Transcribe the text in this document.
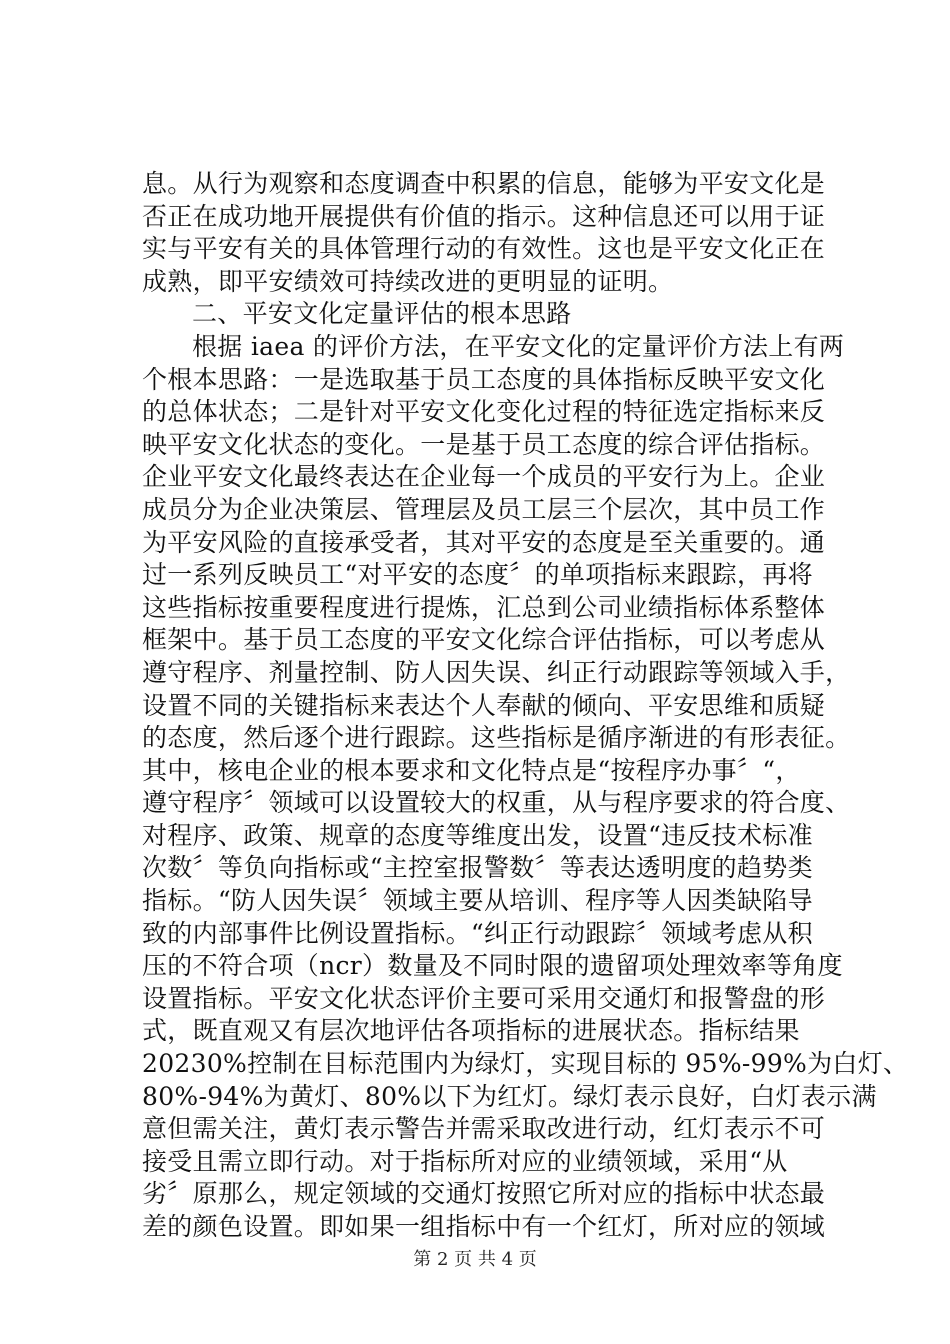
息。从行为观察和态度调查中积累的信息，能够为平安文化是
否正在成功地开展提供有价值的指示。这种信息还可以用于证
实与平安有关的具体管理行动的有效性。这也是平安文化正在
成熟，即平安绩效可持续改进的更明显的证明。
二、平安文化定量评估的根本思路
根据 iaea 的评价方法，在平安文化的定量评价方法上有两
个根本思路：一是选取基于员工态度的具体指标反映平安文化
的总体状态；二是针对平安文化变化过程的特征选定指标来反
映平安文化状态的变化。一是基于员工态度的综合评估指标。
企业平安文化最终表达在企业每一个成员的平安行为上。企业
成员分为企业决策层、管理层及员工层三个层次，其中员工作
为平安风险的直接承受者，其对平安的态度是至关重要的。通
过一系列反映员工“对平安的态度〞的单项指标来跟踪，再将
这些指标按重要程度进行提炼，汇总到公司业绩指标体系整体
框架中。基于员工态度的平安文化综合评估指标，可以考虑从
遵守程序、剂量控制、防人因失误、纠正行动跟踪等领域入手，
设置不同的关键指标来表达个人奉献的倾向、平安思维和质疑
的态度，然后逐个进行跟踪。这些指标是循序渐进的有形表征。
其中，核电企业的根本要求和文化特点是“按程序办事〞“，
遵守程序〞领域可以设置较大的权重，从与程序要求的符合度、
对程序、政策、规章的态度等维度出发，设置“违反技术标准
次数〞等负向指标或“主控室报警数〞等表达透明度的趋势类
指标。“防人因失误〞领域主要从培训、程序等人因类缺陷导
致的内部事件比例设置指标。“纠正行动跟踪〞领域考虑从积
压的不符合项（ncr）数量及不同时限的遗留项处理效率等角度
设置指标。平安文化状态评价主要可采用交通灯和报警盘的形
式，既直观又有层次地评估各项指标的进展状态。指标结果
20230%控制在目标范围内为绿灯，实现目标的 95%-99%为白灯、
80%-94%为黄灯、80%以下为红灯。绿灯表示良好，白灯表示满
意但需关注，黄灯表示警告并需采取改进行动，红灯表示不可
接受且需立即行动。对于指标所对应的业绩领域，采用“从
劣〞原那么，规定领域的交通灯按照它所对应的指标中状态最
差的颜色设置。即如果一组指标中有一个红灯，所对应的领域
第 2 页 共 4 页
